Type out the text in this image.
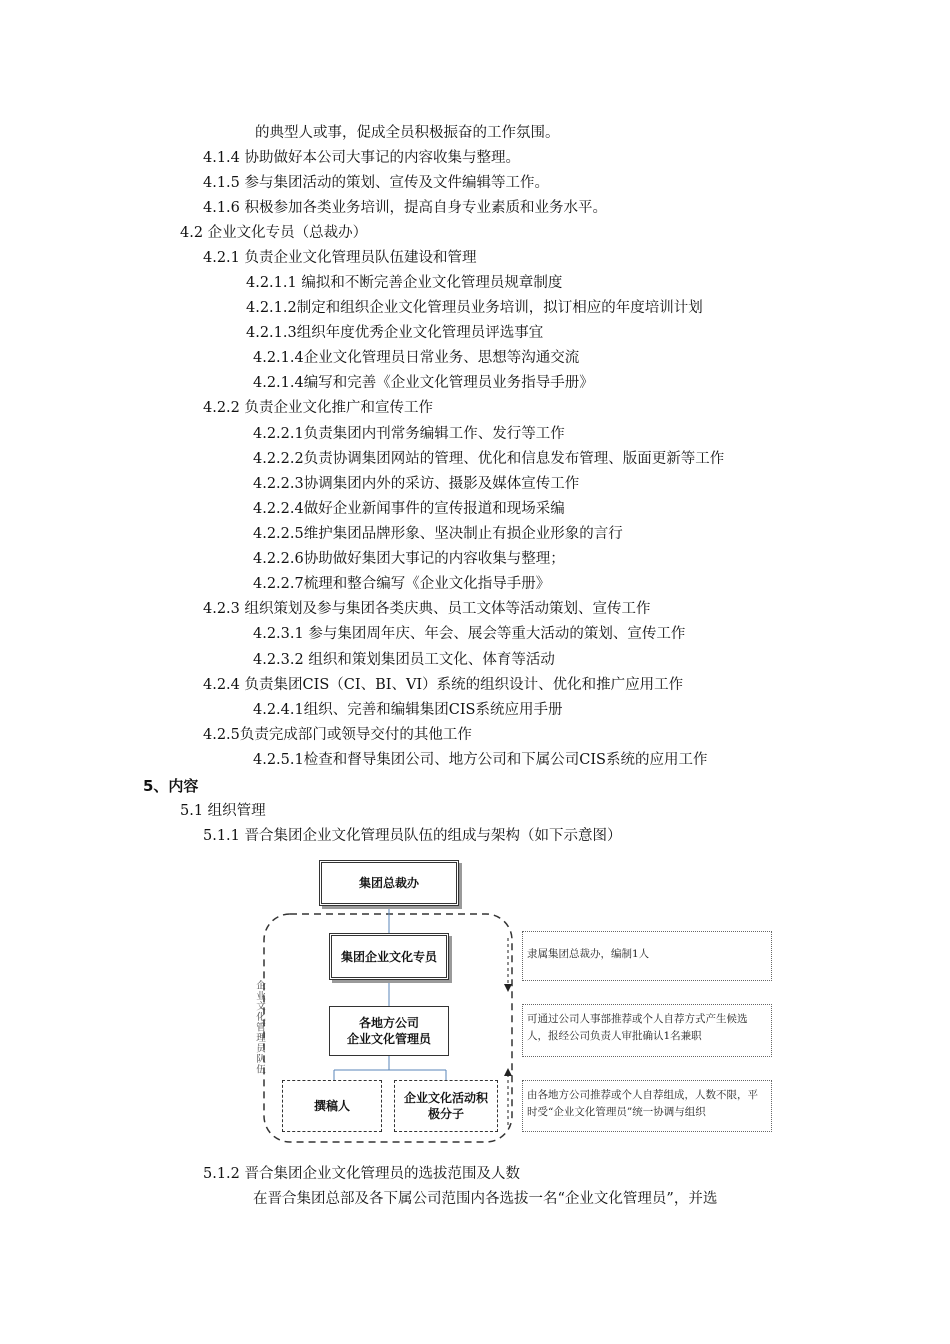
的典型人或事，促成全员积极振奋的工作氛围。
4.1.4 协助做好本公司大事记的内容收集与整理。
4.1.5 参与集团活动的策划、宣传及文件编辑等工作。
4.1.6 积极参加各类业务培训，提高自身专业素质和业务水平。
4.2 企业文化专员（总裁办）
4.2.1 负责企业文化管理员队伍建设和管理
4.2.1.1 编拟和不断完善企业文化管理员规章制度
4.2.1.2制定和组织企业文化管理员业务培训，拟订相应的年度培训计划
4.2.1.3组织年度优秀企业文化管理员评选事宜
4.2.1.4企业文化管理员日常业务、思想等沟通交流
4.2.1.4编写和完善《企业文化管理员业务指导手册》
4.2.2 负责企业文化推广和宣传工作
4.2.2.1负责集团内刊常务编辑工作、发行等工作
4.2.2.2负责协调集团网站的管理、优化和信息发布管理、版面更新等工作
4.2.2.3协调集团内外的采访、摄影及媒体宣传工作
4.2.2.4做好企业新闻事件的宣传报道和现场采编
4.2.2.5维护集团品牌形象、坚决制止有损企业形象的言行
4.2.2.6协助做好集团大事记的内容收集与整理；
4.2.2.7梳理和整合编写《企业文化指导手册》
4.2.3 组织策划及参与集团各类庆典、员工文体等活动策划、宣传工作
4.2.3.1 参与集团周年庆、年会、展会等重大活动的策划、宣传工作
4.2.3.2 组织和策划集团员工文化、体育等活动
4.2.4 负责集团CIS（CI、BI、VI）系统的组织设计、优化和推广应用工作
4.2.4.1组织、完善和编辑集团CIS系统应用手册
4.2.5负责完成部门或领导交付的其他工作
4.2.5.1检查和督导集团公司、地方公司和下属公司CIS系统的应用工作
5、内容
5.1 组织管理
5.1.1 晋合集团企业文化管理员队伍的组成与架构（如下示意图）
5.1.2 晋合集团企业文化管理员的选拔范围及人数
在晋合集团总部及各下属公司范围内各选拔一名“企业文化管理员”，并选
集团总裁办
集团企业文化专员
各地方公司
企业文化管理员
撰稿人
企业文化活动积极分子
企业文化管理员队伍
隶属集团总裁办，编制1人
可通过公司人事部推荐或个人自荐方式产生候选人，报经公司负责人审批确认1名兼职
由各地方公司推荐或个人自荐组成，人数不限，平时受“企业文化管理员”统一协调与组织
